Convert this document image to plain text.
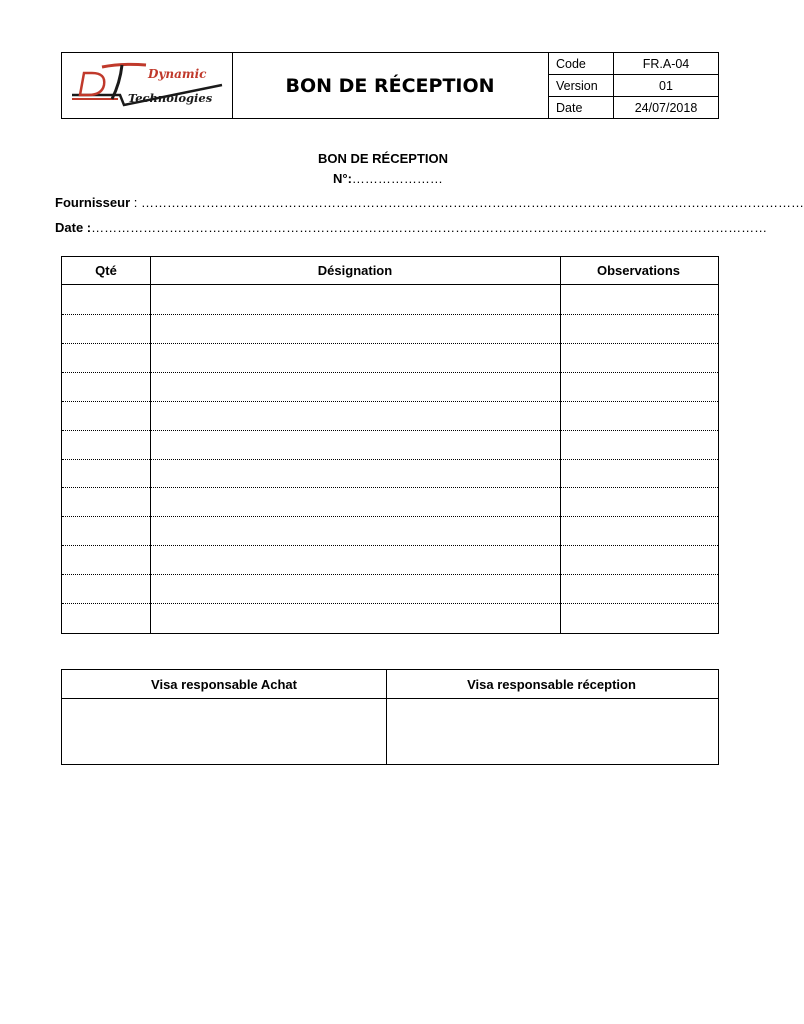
Dynamic
Technologies
BON DE RÉCEPTION
Code	FR.A-04
Version	01
Date	24/07/2018
BON DE RÉCEPTION
N°:…………………
Fournisseur : ………………………………………………………………………………………………………………………………………
Date :…………………………………………………………………………………………………………………………………………
Qté	Désignation	Observations
Visa responsable Achat	Visa responsable réception
